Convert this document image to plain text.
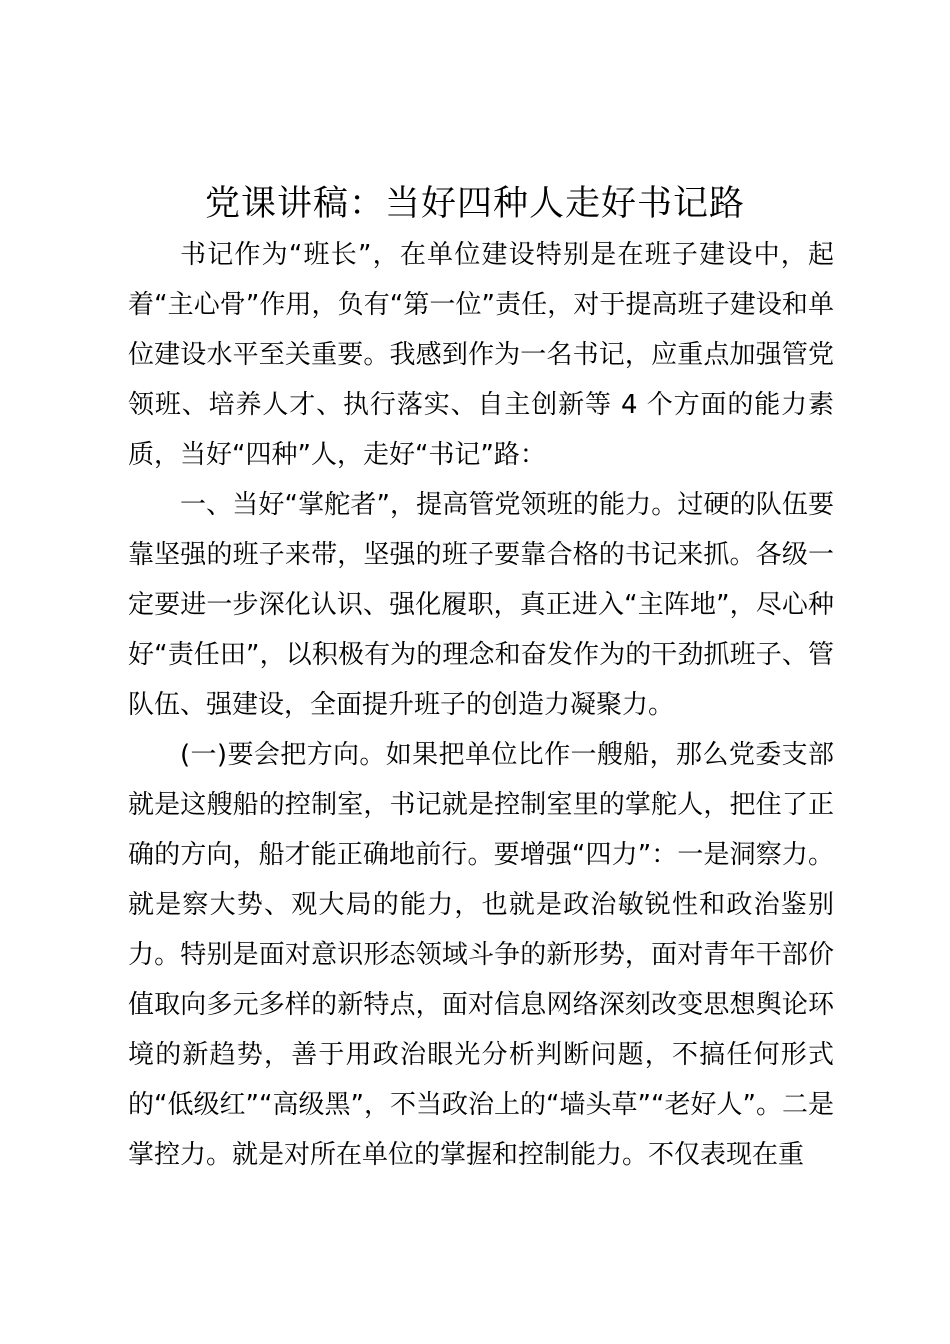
党课讲稿：当好四种人走好书记路

书记作为“班长”，在单位建设特别是在班子建设中，起着“主心骨”作用，负有“第一位”责任，对于提高班子建设和单位建设水平至关重要。我感到作为一名书记，应重点加强管党领班、培养人才、执行落实、自主创新等 4 个方面的能力素质，当好“四种”人，走好“书记”路：

一、当好“掌舵者”，提高管党领班的能力。过硬的队伍要靠坚强的班子来带，坚强的班子要靠合格的书记来抓。各级一定要进一步深化认识、强化履职，真正进入“主阵地”，尽心种好“责任田”，以积极有为的理念和奋发作为的干劲抓班子、管队伍、强建设，全面提升班子的创造力凝聚力。

(一)要会把方向。如果把单位比作一艘船，那么党委支部就是这艘船的控制室，书记就是控制室里的掌舵人，把住了正确的方向，船才能正确地前行。要增强“四力”：一是洞察力。就是察大势、观大局的能力，也就是政治敏锐性和政治鉴别力。特别是面对意识形态领域斗争的新形势，面对青年干部价值取向多元多样的新特点，面对信息网络深刻改变思想舆论环境的新趋势，善于用政治眼光分析判断问题，不搞任何形式的“低级红”“高级黑”，不当政治上的“墙头草”“老好人”。二是掌控力。就是对所在单位的掌握和控制能力。不仅表现在重
